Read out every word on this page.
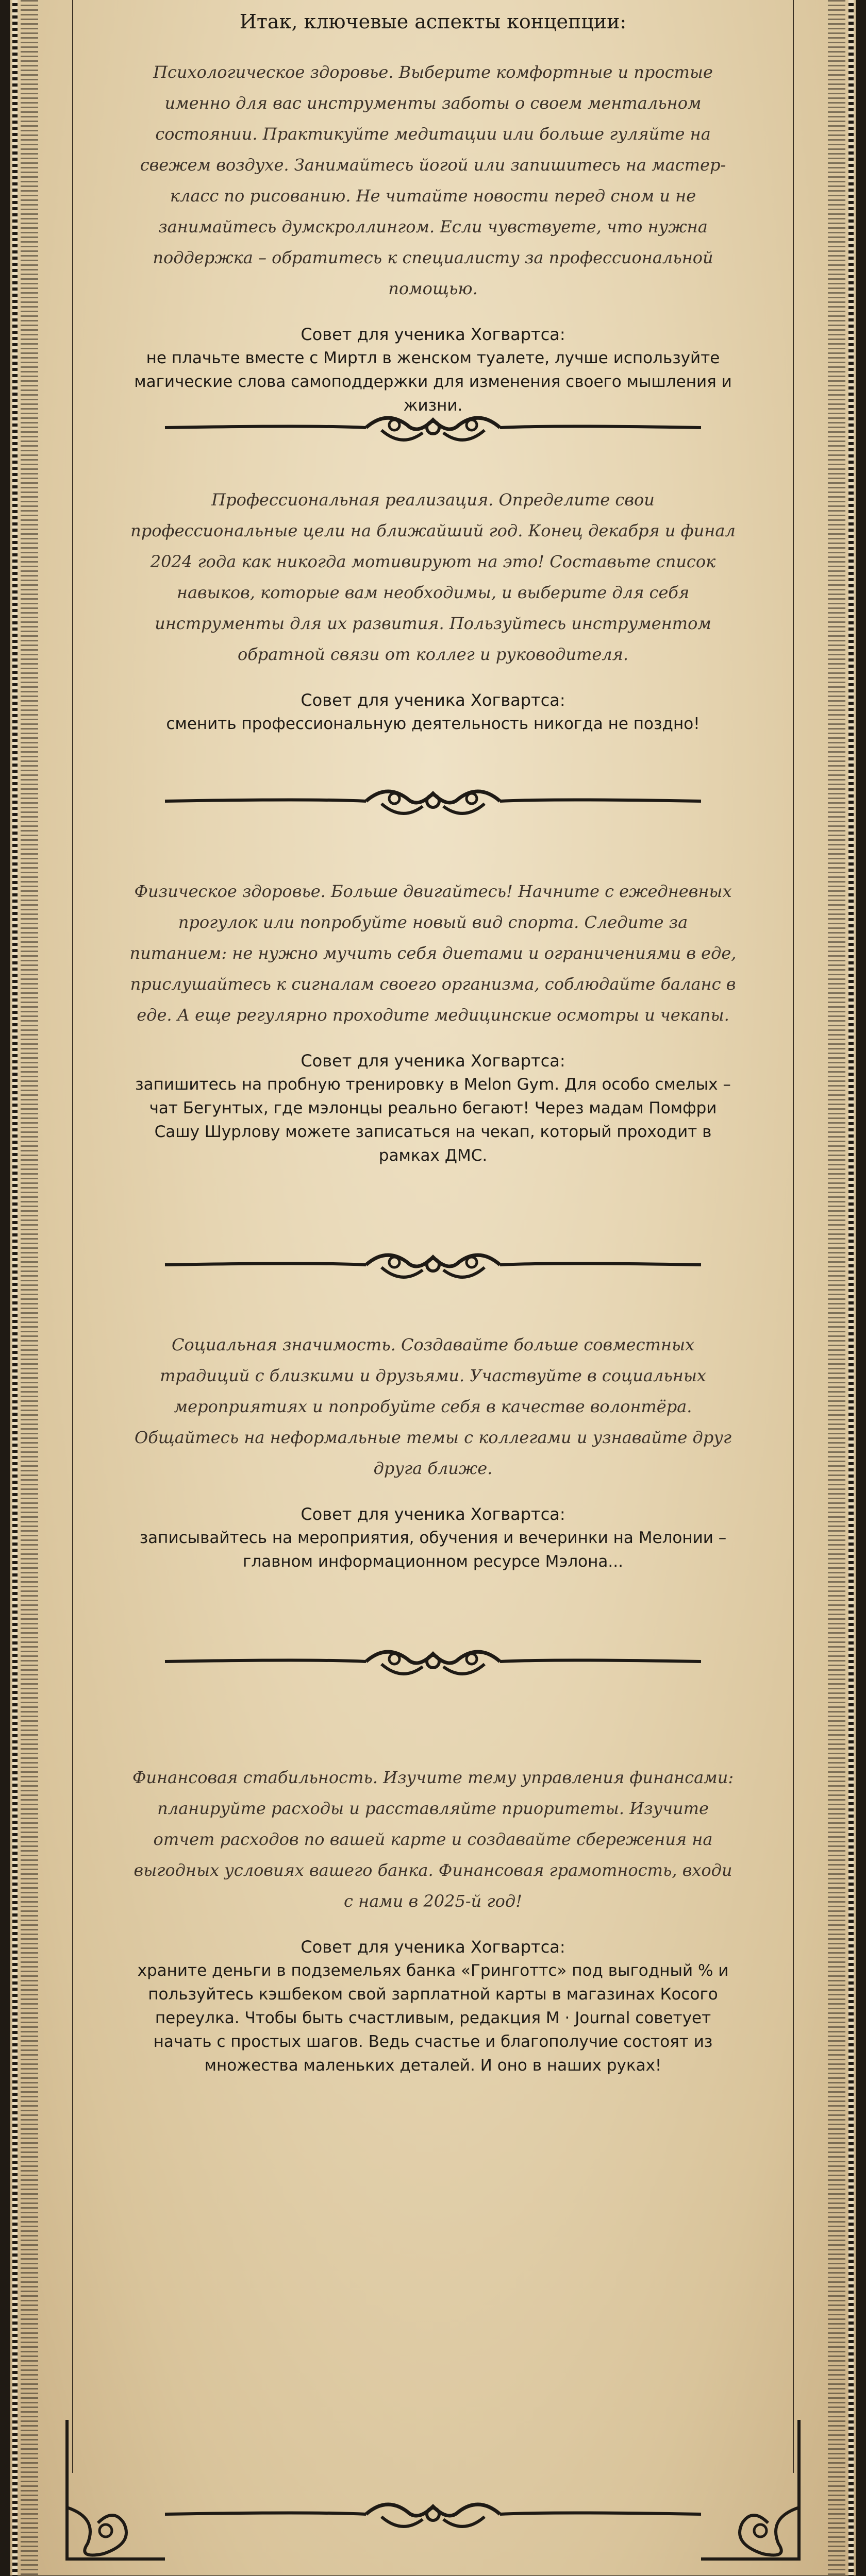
Итак, ключевые аспекты концепции:

Психологическое здоровье. Выберите комфортные и простые именно для вас инструменты заботы о своем ментальном состоянии. Практикуйте медитации или больше гуляйте на свежем воздухе. Занимайтесь йогой или запишитесь на мастер-класс по рисованию. Не читайте новости перед сном и не занимайтесь думскроллингом. Если чувствуете, что нужна поддержка – обратитесь к специалисту за профессиональной помощью.

Совет для ученика Хогвартса:

не плачьте вместе с Миртл в женском туалете, лучше используйте магические слова самоподдержки для изменения своего мышления и жизни.

Профессиональная реализация. Определите свои профессиональные цели на ближайший год. Конец декабря и финал 2024 года как никогда мотивируют на это! Составьте список навыков, которые вам необходимы, и выберите для себя инструменты для их развития. Пользуйтесь инструментом обратной связи от коллег и руководителя.

Совет для ученика Хогвартса:

сменить профессиональную деятельность никогда не поздно!

Физическое здоровье. Больше двигайтесь! Начните с ежедневных прогулок или попробуйте новый вид спорта. Следите за питанием: не нужно мучить себя диетами и ограничениями в еде, прислушайтесь к сигналам своего организма, соблюдайте баланс в еде. А еще регулярно проходите медицинские осмотры и чекапы.

Совет для ученика Хогвартса:

запишитесь на пробную тренировку в Melon Gym. Для особо смелых – чат Бегунтых, где мэлонцы реально бегают! Через мадам Помфри Сашу Шурлову можете записаться на чекап, который проходит в рамках ДМС.

Социальная значимость. Создавайте больше совместных традиций с близкими и друзьями. Участвуйте в социальных мероприятиях и попробуйте себя в качестве волонтёра. Общайтесь на неформальные темы с коллегами и узнавайте друг друга ближе.

Совет для ученика Хогвартса:

записывайтесь на мероприятия, обучения и вечеринки на Мелонии – главном информационном ресурсе Мэлона...

Финансовая стабильность. Изучите тему управления финансами: планируйте расходы и расставляйте приоритеты. Изучите отчет расходов по вашей карте и создавайте сбережения на выгодных условиях вашего банка. Финансовая грамотность, входи с нами в 2025-й год!

Совет для ученика Хогвартса:

храните деньги в подземельях банка «Гринготтс» под выгодный % и пользуйтесь кэшбеком свой зарплатной карты в магазинах Косого переулка. Чтобы быть счастливым, редакция M · Journal советует начать с простых шагов. Ведь счастье и благополучие состоят из множества маленьких деталей. И оно в наших руках!
